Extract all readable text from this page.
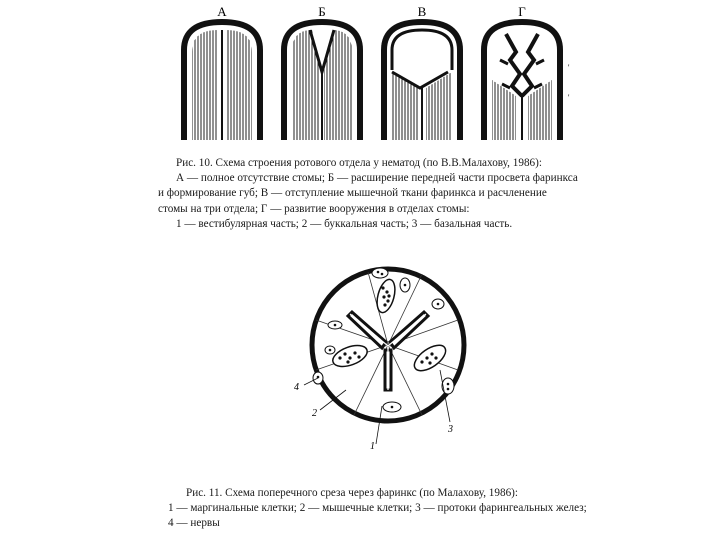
А	Б	В	Г
'
'

Рис. 10. Схема строения ротового отдела у нематод (по В.В.Малахову, 1986):

А — полное отсутствие стомы; Б — расширение передней части просвета фаринкса и формирование губ; В — отступление мышечной ткани фаринкса и расчленение стомы на три отдела; Г — развитие вооружения в отделах стомы:

1 — вестибулярная часть; 2 — буккальная часть; 3 — базальная часть.

4
2
1
3

Рис. 11. Схема поперечного среза через фаринкс (по Малахову, 1986):

1 — маргинальные клетки; 2 — мышечные клетки; 3 — протоки фарингеальных желез; 4 — нервы
